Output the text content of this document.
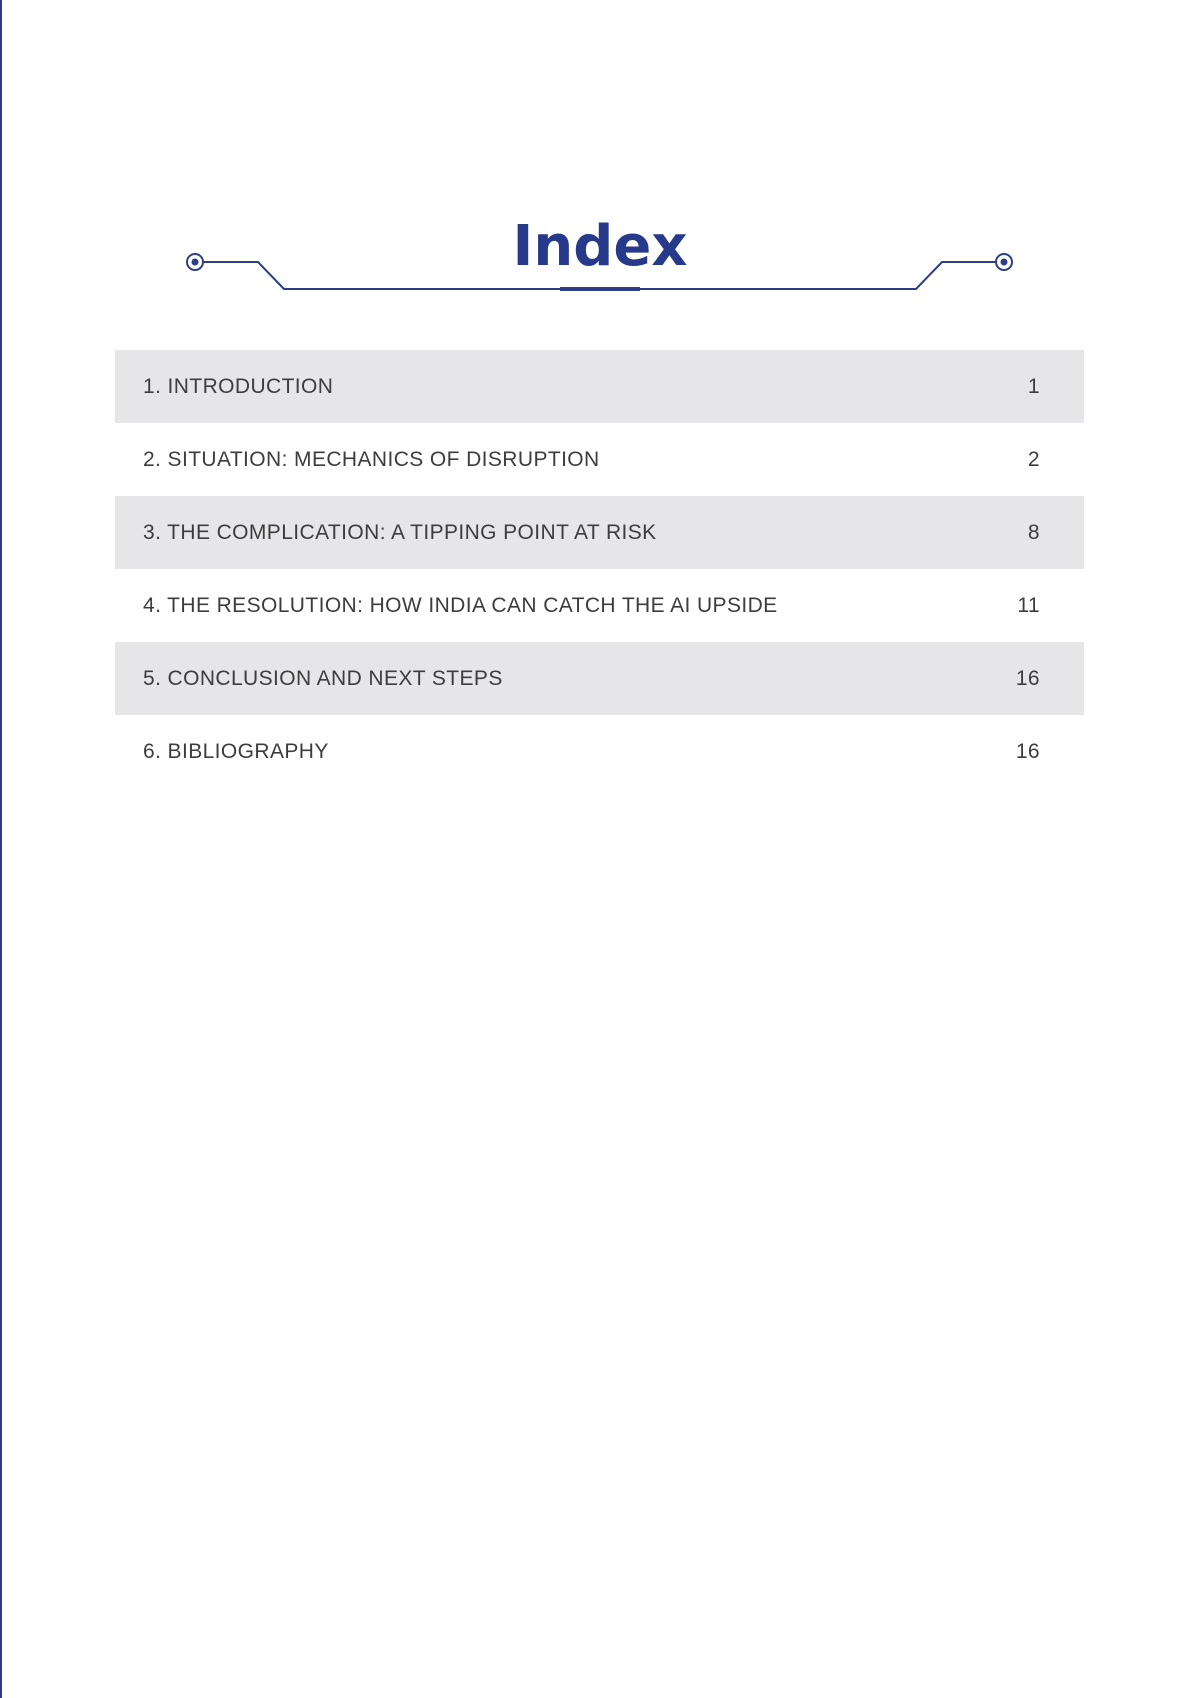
Index
1. INTRODUCTION	1
2. SITUATION: MECHANICS OF DISRUPTION	2
3. THE COMPLICATION: A TIPPING POINT AT RISK	8
4. THE RESOLUTION: HOW INDIA CAN CATCH THE AI UPSIDE	11
5. CONCLUSION AND NEXT STEPS	16
6. BIBLIOGRAPHY	16
